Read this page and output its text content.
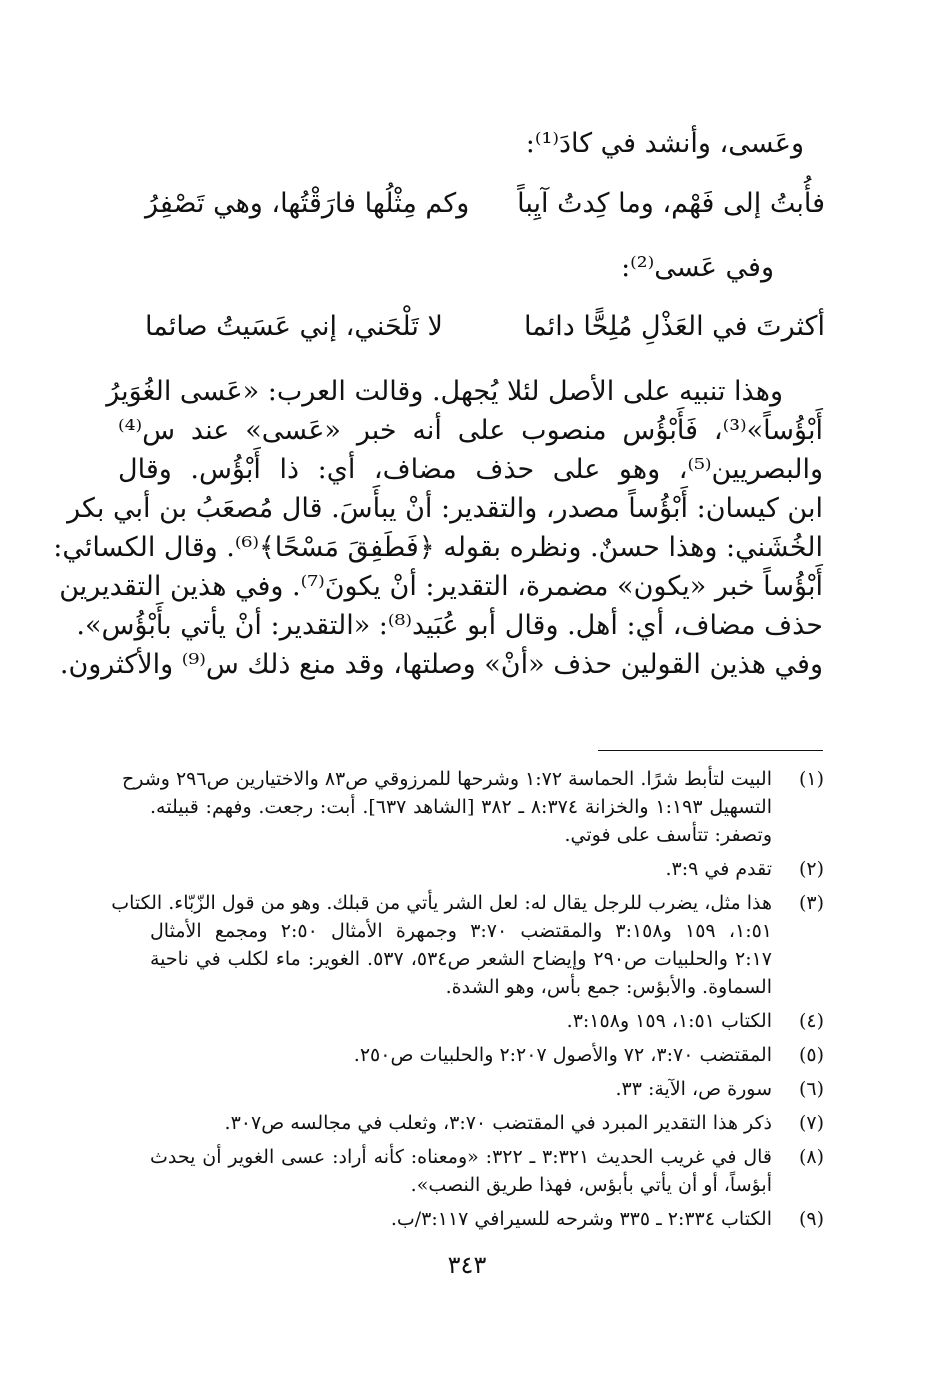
وعَسى، وأنشد في كادَ⁽¹⁾:
فأُبتُ إلى فَهْم، وما كِدتُ آيِباً
وكم مِثْلُها فارَقْتُها، وهي تَصْفِرُ
وفي عَسى⁽²⁾:
أكثرتَ في العَذْلِ مُلِحًّا دائما
لا تَلْحَني، إني عَسَيتُ صائما
وهذا تنبيه على الأصل لئلا يُجهل. وقالت العرب: «عَسى الغُوَيرُ
أَبْؤُساً»⁽³⁾، فَأَبْؤُس منصوب على أنه خبر «عَسى» عند س⁽⁴⁾
والبصريين⁽⁵⁾، وهو على حذف مضاف، أي: ذا أَبْؤُس. وقال
ابن كيسان: أَبْؤُساً مصدر، والتقدير: أنْ يبأَسَ. قال مُصعَبُ بن أبي بكر
الخُشَني: وهذا حسنٌ. ونظره بقوله ﴿فَطَفِقَ مَسْحًا﴾⁽⁶⁾. وقال الكسائي:
أَبْؤُساً خبر «يكون» مضمرة، التقدير: أنْ يكونَ⁽⁷⁾. وفي هذين التقديرين
حذف مضاف، أي: أهل. وقال أبو عُبَيد⁽⁸⁾: «التقدير: أنْ يأتي بأَبْؤُس».
وفي هذين القولين حذف «أنْ» وصلتها، وقد منع ذلك س⁽⁹⁾ والأكثرون.
(١)
البيت لتأبط شرًا. الحماسة ١:٧٢ وشرحها للمرزوقي ص٨٣ والاختيارين ص٢٩٦ وشرح
التسهيل ١:١٩٣ والخزانة ٨:٣٧٤ ـ ٣٨٢ [الشاهد ٦٣٧]. أبت: رجعت. وفهم: قبيلته.
وتصفر: تتأسف على فوتي.
(٢)
تقدم في ٣:٩.
(٣)
هذا مثل، يضرب للرجل يقال له: لعل الشر يأتي من قبلك. وهو من قول الزّبّاء. الكتاب
١:٥١، ١٥٩ و٣:١٥٨ والمقتضب ٣:٧٠ وجمهرة الأمثال ٢:٥٠ ومجمع الأمثال
٢:١٧ والحلبيات ص٢٩٠ وإيضاح الشعر ص٥٣٤، ٥٣٧. الغوير: ماء لكلب في ناحية
السماوة. والأبؤس: جمع بأس، وهو الشدة.
(٤)
الكتاب ١:٥١، ١٥٩ و٣:١٥٨.
(٥)
المقتضب ٣:٧٠، ٧٢ والأصول ٢:٢٠٧ والحلبيات ص٢٥٠.
(٦)
سورة ص، الآية: ٣٣.
(٧)
ذكر هذا التقدير المبرد في المقتضب ٣:٧٠، وثعلب في مجالسه ص٣٠٧.
(٨)
قال في غريب الحديث ٣:٣٢١ ـ ٣٢٢: «ومعناه: كأنه أراد: عسى الغوير أن يحدث
أبؤساً، أو أن يأتي بأبؤس، فهذا طريق النصب».
(٩)
الكتاب ٢:٣٣٤ ـ ٣٣٥ وشرحه للسيرافي ٣:١١٧/ب.
٣٤٣
